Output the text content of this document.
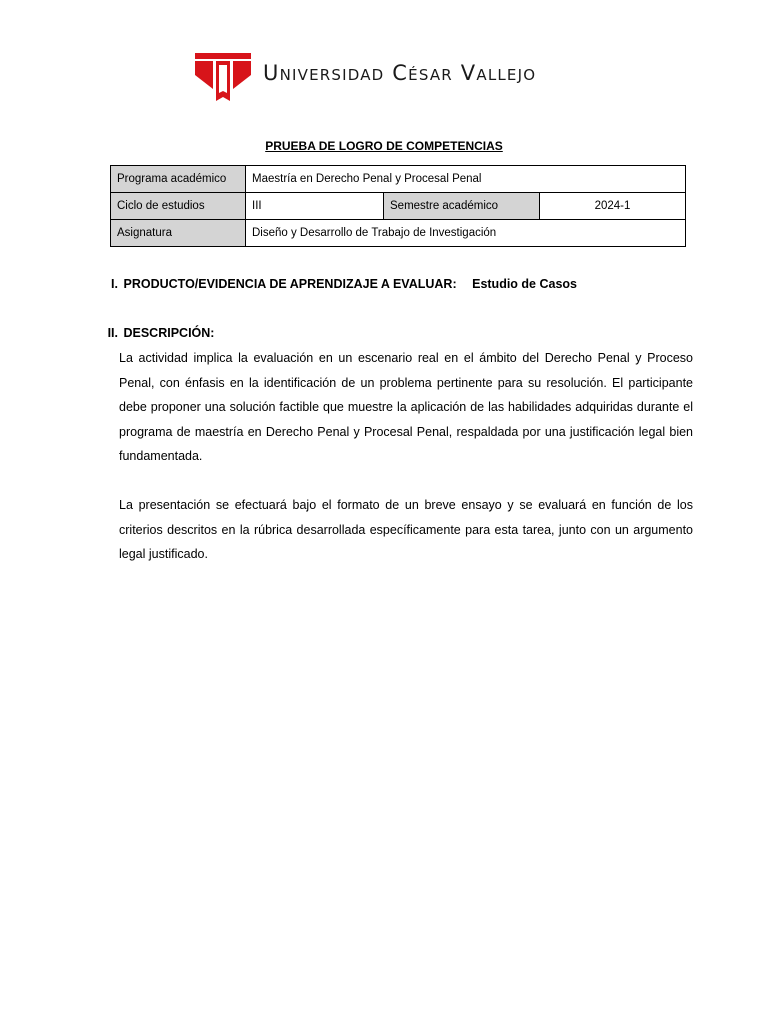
Universidad César Vallejo
PRUEBA DE LOGRO DE COMPETENCIAS
Programa académico	Maestría en Derecho Penal y Procesal Penal		
Ciclo de estudios	III	Semestre académico	2024-1
Asignatura	Diseño y Desarrollo de Trabajo de Investigación		
I. PRODUCTO/EVIDENCIA DE APRENDIZAJE A EVALUAR: Estudio de Casos
II. DESCRIPCIÓN:
La actividad implica la evaluación en un escenario real en el ámbito del Derecho Penal y Proceso Penal, con énfasis en la identificación de un problema pertinente para su resolución. El participante debe proponer una solución factible que muestre la aplicación de las habilidades adquiridas durante el programa de maestría en Derecho Penal y Procesal Penal, respaldada por una justificación legal bien fundamentada.
La presentación se efectuará bajo el formato de un breve ensayo y se evaluará en función de los criterios descritos en la rúbrica desarrollada específicamente para esta tarea, junto con un argumento legal justificado.
